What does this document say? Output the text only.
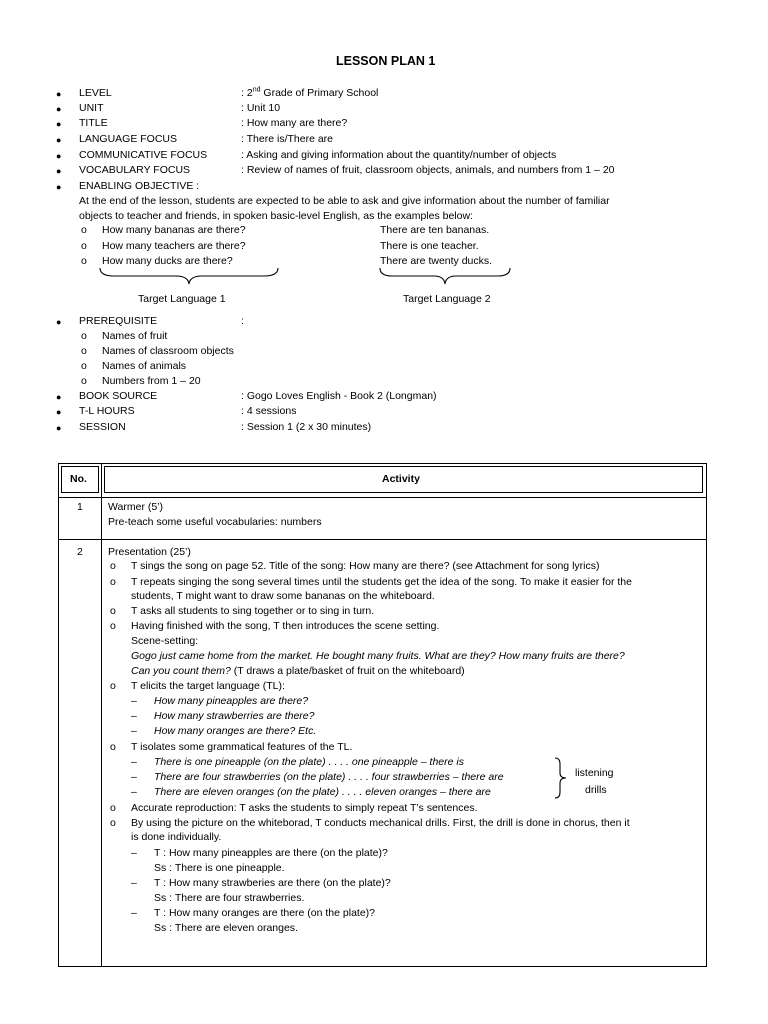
LESSON PLAN 1
● LEVEL	: 2nd Grade of Primary School
● UNIT	: Unit 10
● TITLE	: How many are there?
● LANGUAGE FOCUS	: There is/There are
● COMMUNICATIVE FOCUS	: Asking and giving information about the quantity/number of objects
● VOCABULARY FOCUS	: Review of names of fruit, classroom objects, animals, and numbers from 1 – 20
● ENABLING OBJECTIVE :
At the end of the lesson, students are expected to be able to ask and give information about the number of familiar
objects to teacher and friends, in spoken basic-level English, as the examples below:
o How many bananas are there?	There are ten bananas.
o How many teachers are there?	There is one teacher.
o How many ducks are there?	There are twenty ducks.
Target Language 1	Target Language 2
● PREREQUISITE	:
o Names of fruit
o Names of classroom objects
o Names of animals
o Numbers from 1 – 20
● BOOK SOURCE	: Gogo Loves English - Book 2 (Longman)
● T-L HOURS	: 4 sessions
● SESSION	: Session 1 (2 x 30 minutes)
No.	Activity
1 Warmer (5’)
Pre-teach some useful vocabularies: numbers
2 Presentation (25’)
o T sings the song on page 52. Title of the song: How many are there? (see Attachment for song lyrics)
o T repeats singing the song several times until the students get the idea of the song. To make it easier for the
students, T might want to draw some bananas on the whiteboard.
o T asks all students to sing together or to sing in turn.
o Having finished with the song, T then introduces the scene setting.
Scene-setting:
Gogo just came home from the market. He bought many fruits. What are they? How many fruits are there?
Can you count them? (T draws a plate/basket of fruit on the whiteboard)
o T elicits the target language (TL):
– How many pineapples are there?
– How many strawberries are there?
– How many oranges are there? Etc.
o T isolates some grammatical features of the TL.
– There is one pineapple (on the plate) . . . . one pineapple – there is
– There are four strawberries (on the plate) . . . . four strawberries – there are
– There are eleven oranges (on the plate) . . . . eleven oranges – there are
listening
drills
o Accurate reproduction: T asks the students to simply repeat T’s sentences.
o By using the picture on the whiteborad, T conducts mechanical drills. First, the drill is done in chorus, then it
is done individually.
– T : How many pineapples are there (on the plate)?
Ss : There is one pineapple.
– T : How many strawberies are there (on the plate)?
Ss : There are four strawberries.
– T : How many oranges are there (on the plate)?
Ss : There are eleven oranges.
